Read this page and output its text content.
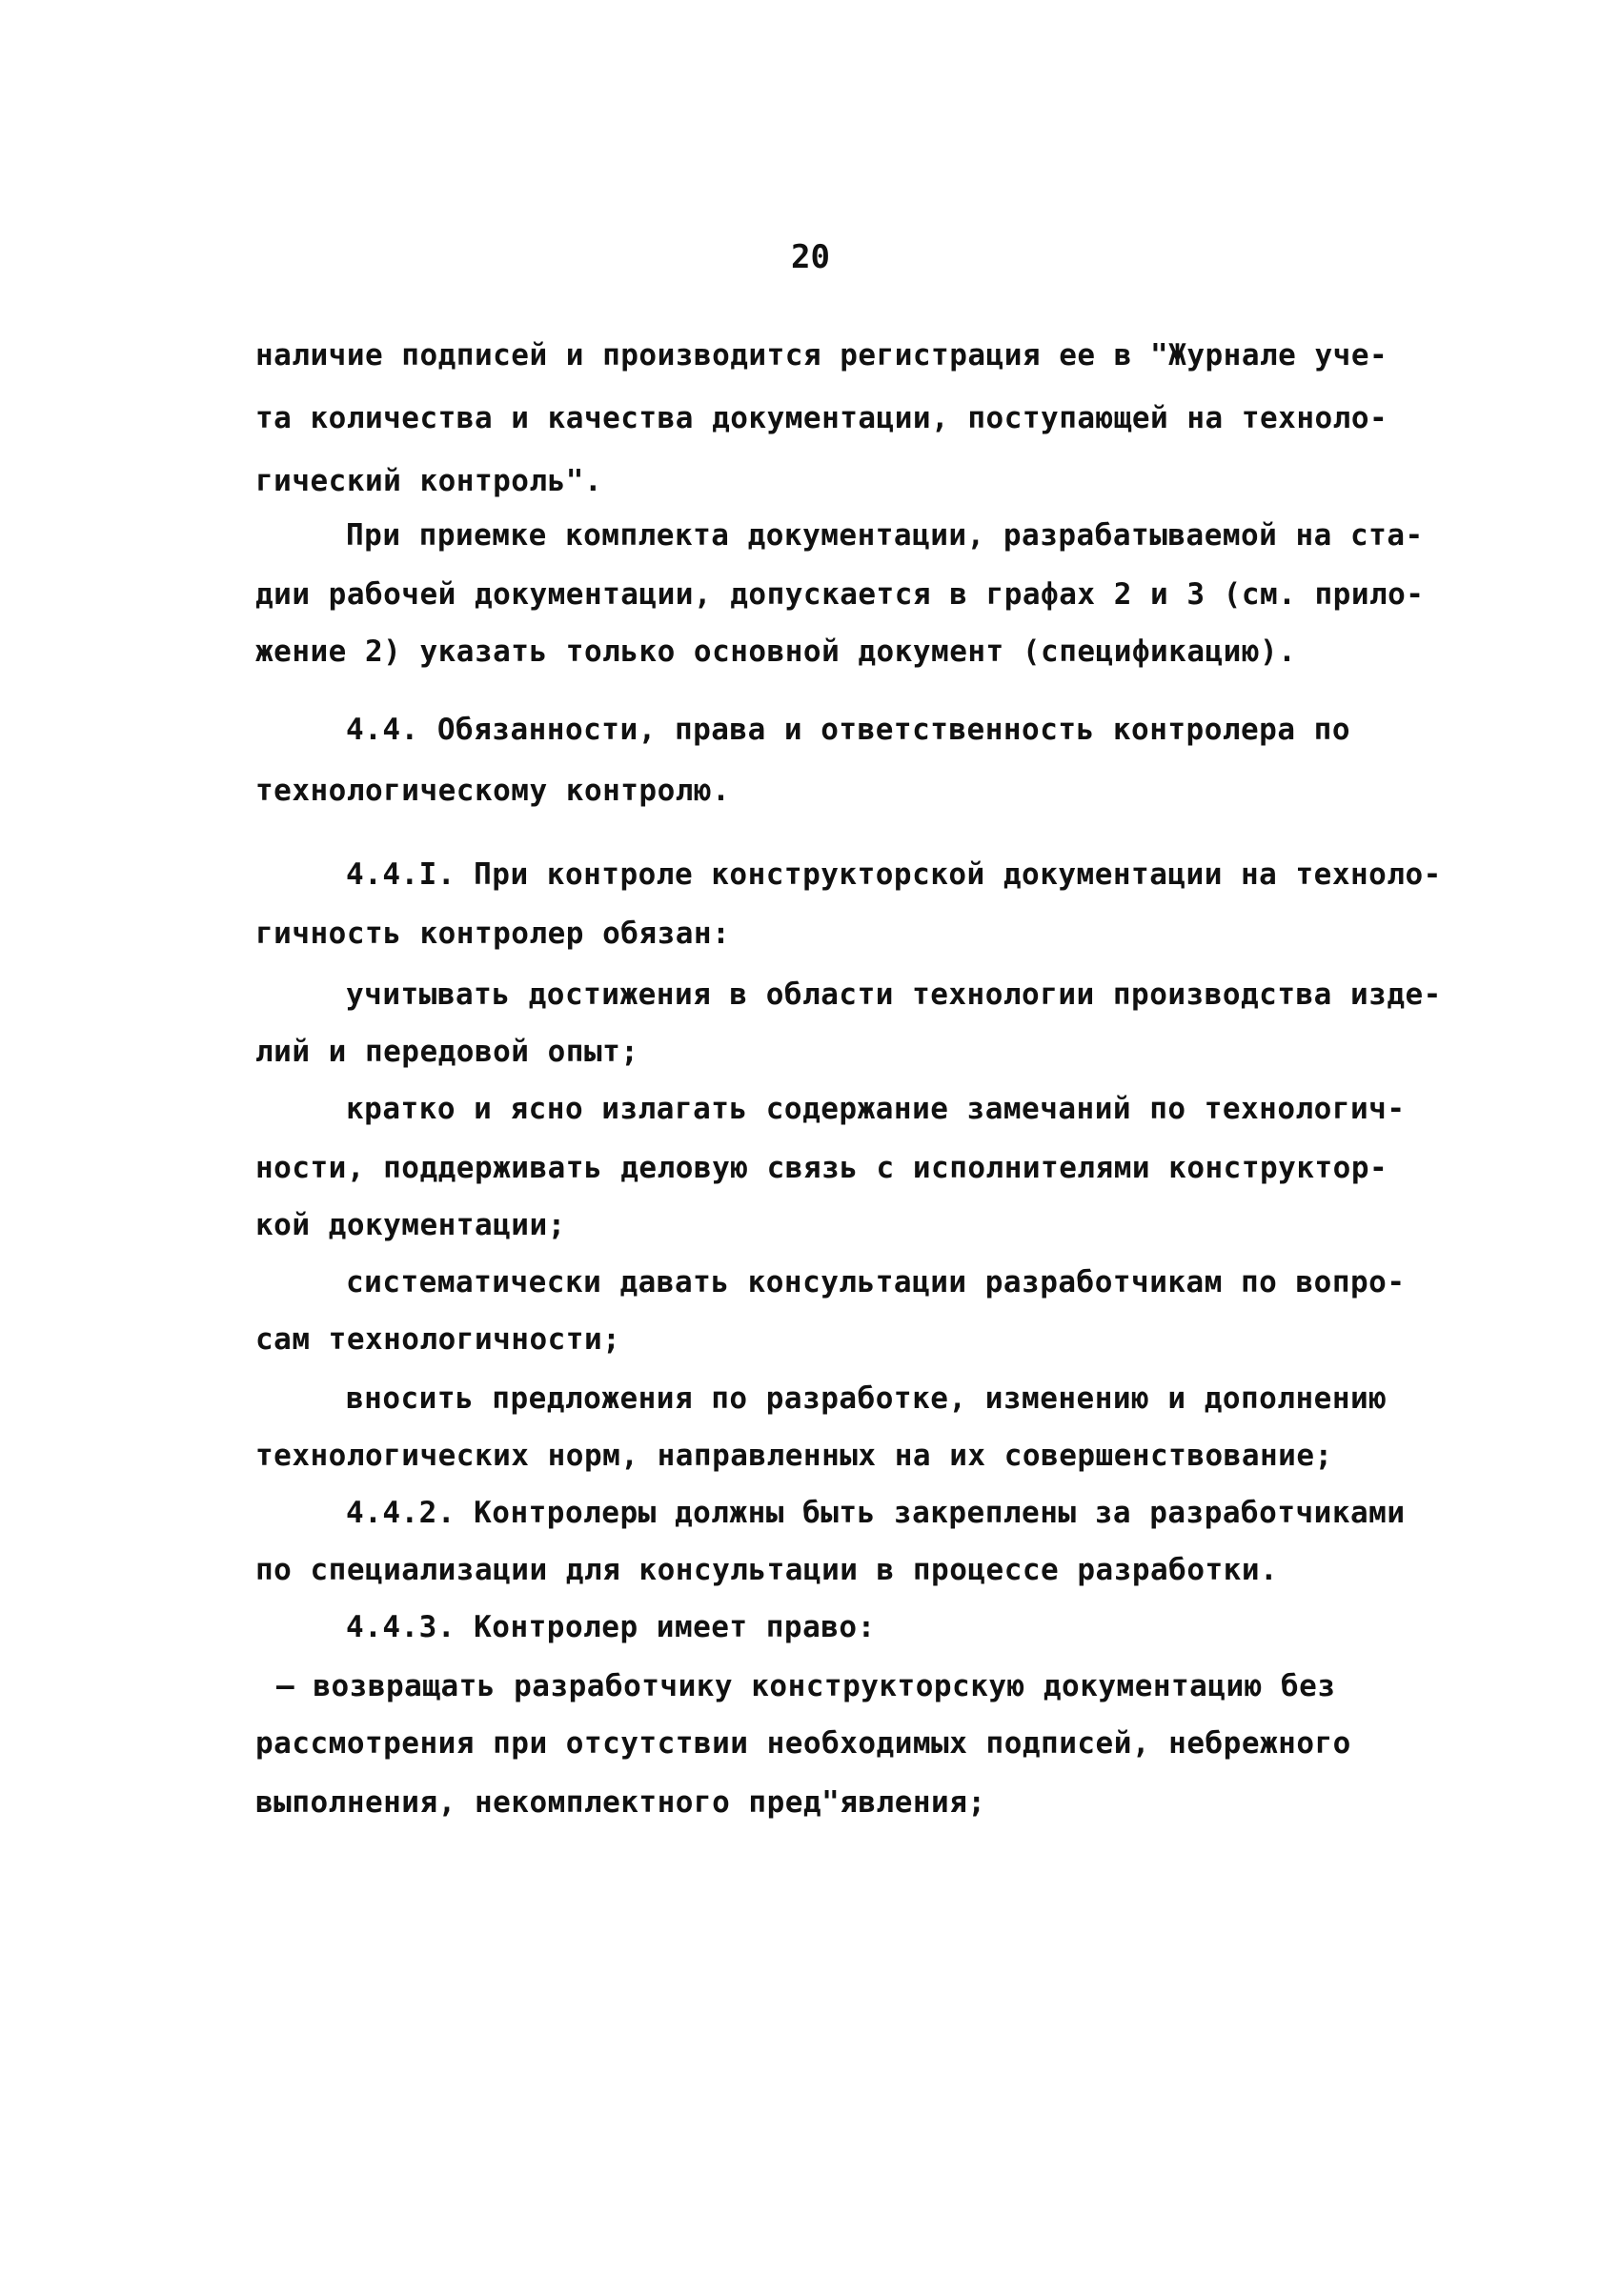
20
наличие подписей и производится регистрация ее в "Журнале уче-
та количества и качества документации, поступающей на техноло-
гический контроль".
При приемке комплекта документации, разрабатываемой на ста-
дии рабочей документации, допускается в графах 2 и 3 (см. прило-
жение 2) указать только основной документ (спецификацию).
4.4. Обязанности, права и ответственность контролера по
технологическому контролю.
4.4.I. При контроле конструкторской документации на техноло-
гичность контролер обязан:
учитывать достижения в области технологии производства изде-
лий и передовой опыт;
кратко и ясно излагать содержание замечаний по технологич-
ности, поддерживать деловую связь с исполнителями конструктор-
кой документации;
систематически давать консультации разработчикам по вопро-
сам технологичности;
вносить предложения по разработке, изменению и дополнению
технологических норм, направленных на их совершенствование;
4.4.2. Контролеры должны быть закреплены за разработчиками
по специализации для консультации в процессе разработки.
4.4.3. Контролер имеет право:
— возвращать разработчику конструкторскую документацию без
рассмотрения при отсутствии необходимых подписей, небрежного
выполнения, некомплектного пред"явления;
